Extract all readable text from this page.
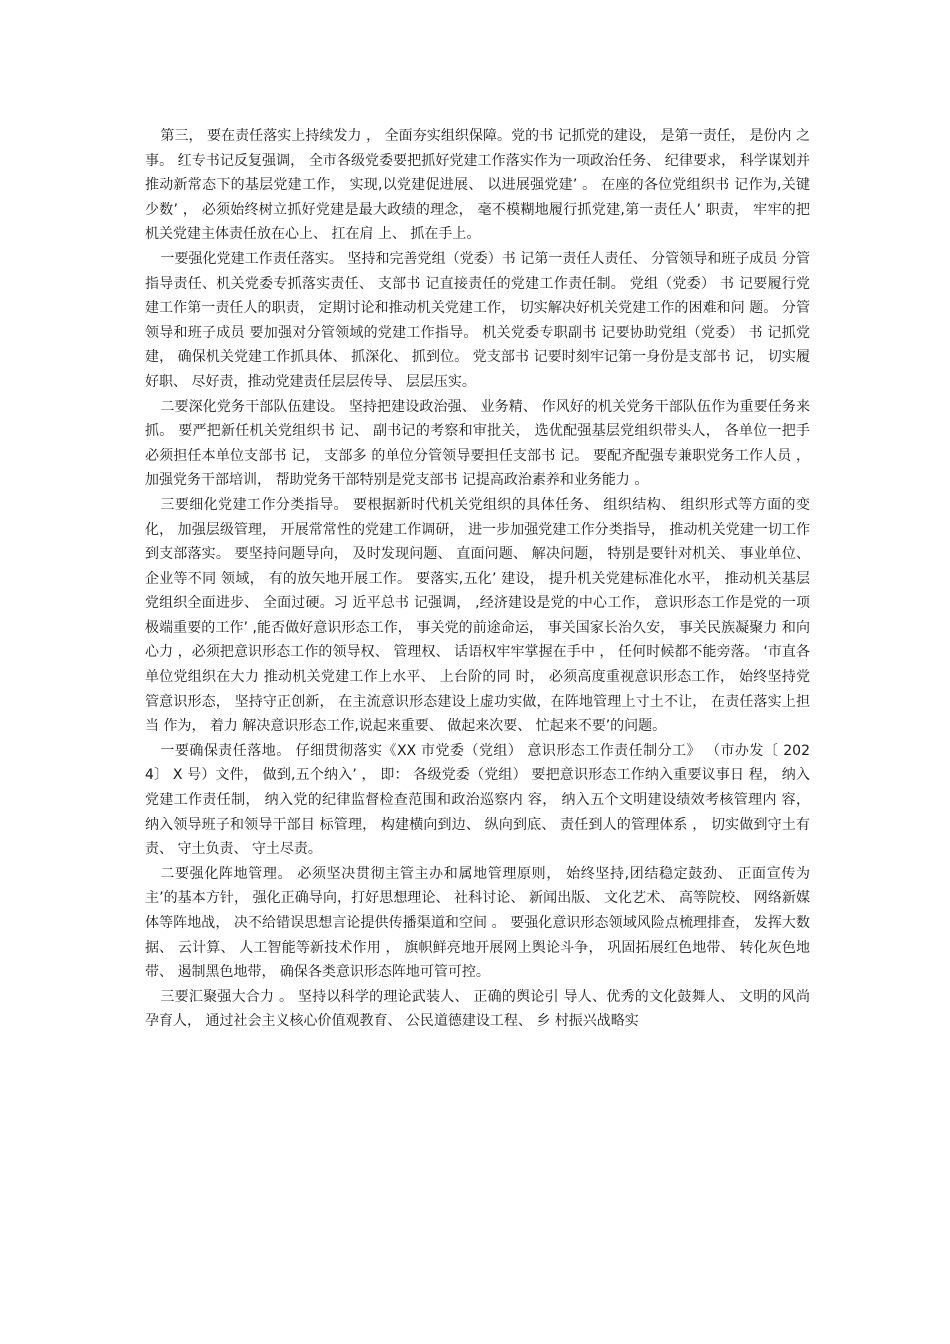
第三， 要在责任落实上持续发力 ， 全面夯实组织保障。党的书 记抓党的建设， 是第一责任， 是份内 之事。 红专书记反复强调， 全市各级党委要把抓好党建工作落实作为一项政治任务、 纪律要求， 科学谋划并推动新常态下的基层党建工作， 实现,以党建促进展、 以进展强党建’ 。 在座的各位党组织书 记作为,关键少数’ ， 必须始终树立抓好党建是最大政绩的理念， 毫不模糊地履行抓党建,第一责任人’ 职责， 牢牢的把机关党建主体责任放在心上、 扛在肩 上、 抓在手上。

一要强化党建工作责任落实。 坚持和完善党组（党委）书 记第一责任人责任、 分管领导和班子成员 分管指导责任、机关党委专抓落实责任、 支部书 记直接责任的党建工作责任制。 党组（党委） 书 记要履行党建工作第一责任人的职责， 定期讨论和推动机关党建工作， 切实解决好机关党建工作的困难和问 题。 分管领导和班子成员 要加强对分管领域的党建工作指导。 机关党委专职副书 记要协助党组（党委） 书 记抓党建， 确保机关党建工作抓具体、 抓深化、 抓到位。 党支部书 记要时刻牢记第一身份是支部书 记， 切实履好职、 尽好责，推动党建责任层层传导、 层层压实。

二要深化党务干部队伍建设。 坚持把建设政治强、 业务精、 作风好的机关党务干部队伍作为重要任务来抓。 要严把新任机关党组织书 记、 副书记的考察和审批关， 选优配强基层党组织带头人， 各单位一把手必须担任本单位支部书 记， 支部多 的单位分管领导要担任支部书 记。 要配齐配强专兼职党务工作人员 ， 加强党务干部培训， 帮助党务干部特别是党支部书 记提高政治素养和业务能力 。

三要细化党建工作分类指导。 要根据新时代机关党组织的具体任务、 组织结构、 组织形式等方面的变化， 加强层级管理， 开展常常性的党建工作调研， 进一步加强党建工作分类指导， 推动机关党建一切工作到支部落实。 要坚持问题导向， 及时发现问题、 直面问题、 解决问题， 特别是要针对机关、 事业单位、 企业等不同 领域， 有的放矢地开展工作。 要落实,五化’ 建设， 提升机关党建标准化水平， 推动机关基层党组织全面进步、 全面过硬。习 近平总书 记强调， ,经济建设是党的中心工作， 意识形态工作是党的一项极端重要的工作’ ,能否做好意识形态工作， 事关党的前途命运， 事关国家长治久安， 事关民族凝聚力 和向心力 ，必须把意识形态工作的领导权、 管理权、 话语权牢牢掌握在手中 ， 任何时候都不能旁落。 ‘市直各单位党组织在大力 推动机关党建工作上水平、 上台阶的同 时， 必须高度重视意识形态工作， 始终坚持党管意识形态， 坚持守正创新， 在主流意识形态建设上虚功实做，在阵地管理上寸土不让， 在责任落实上担当 作为， 着力 解决意识形态工作,说起来重要、 做起来次要、 忙起来不要’的问题。

一要确保责任落地。 仔细贯彻落实《XX 市党委（党组） 意识形态工作责任制分工》 （市办发〔 2024〕 X 号）文件， 做到,五个纳入’ ， 即： 各级党委（党组） 要把意识形态工作纳入重要议事日 程， 纳入党建工作责任制， 纳入党的纪律监督检查范围和政治巡察内 容， 纳入五个文明建设绩效考核管理内 容， 纳入领导班子和领导干部目 标管理， 构建横向到边、 纵向到底、 责任到人的管理体系 ， 切实做到守土有责、 守土负责、 守土尽责。

二要强化阵地管理。 必须坚决贯彻主管主办和属地管理原则， 始终坚持,团结稳定鼓劲、 正面宣传为主’的基本方针， 强化正确导向，打好思想理论、 社科讨论、 新闻出版、 文化艺术、 高等院校、 网络新媒体等阵地战， 决不给错误思想言论提供传播渠道和空间 。 要强化意识形态领域风险点梳理排查， 发挥大数据、 云计算、 人工智能等新技术作用 ， 旗帜鲜亮地开展网上舆论斗争， 巩固拓展红色地带、 转化灰色地带、 遏制黑色地带， 确保各类意识形态阵地可管可控。

三要汇聚强大合力 。 坚持以科学的理论武装人、 正确的舆论引 导人、优秀的文化鼓舞人、 文明的风尚孕育人， 通过社会主义核心价值观教育、 公民道德建设工程、 乡 村振兴战略实
